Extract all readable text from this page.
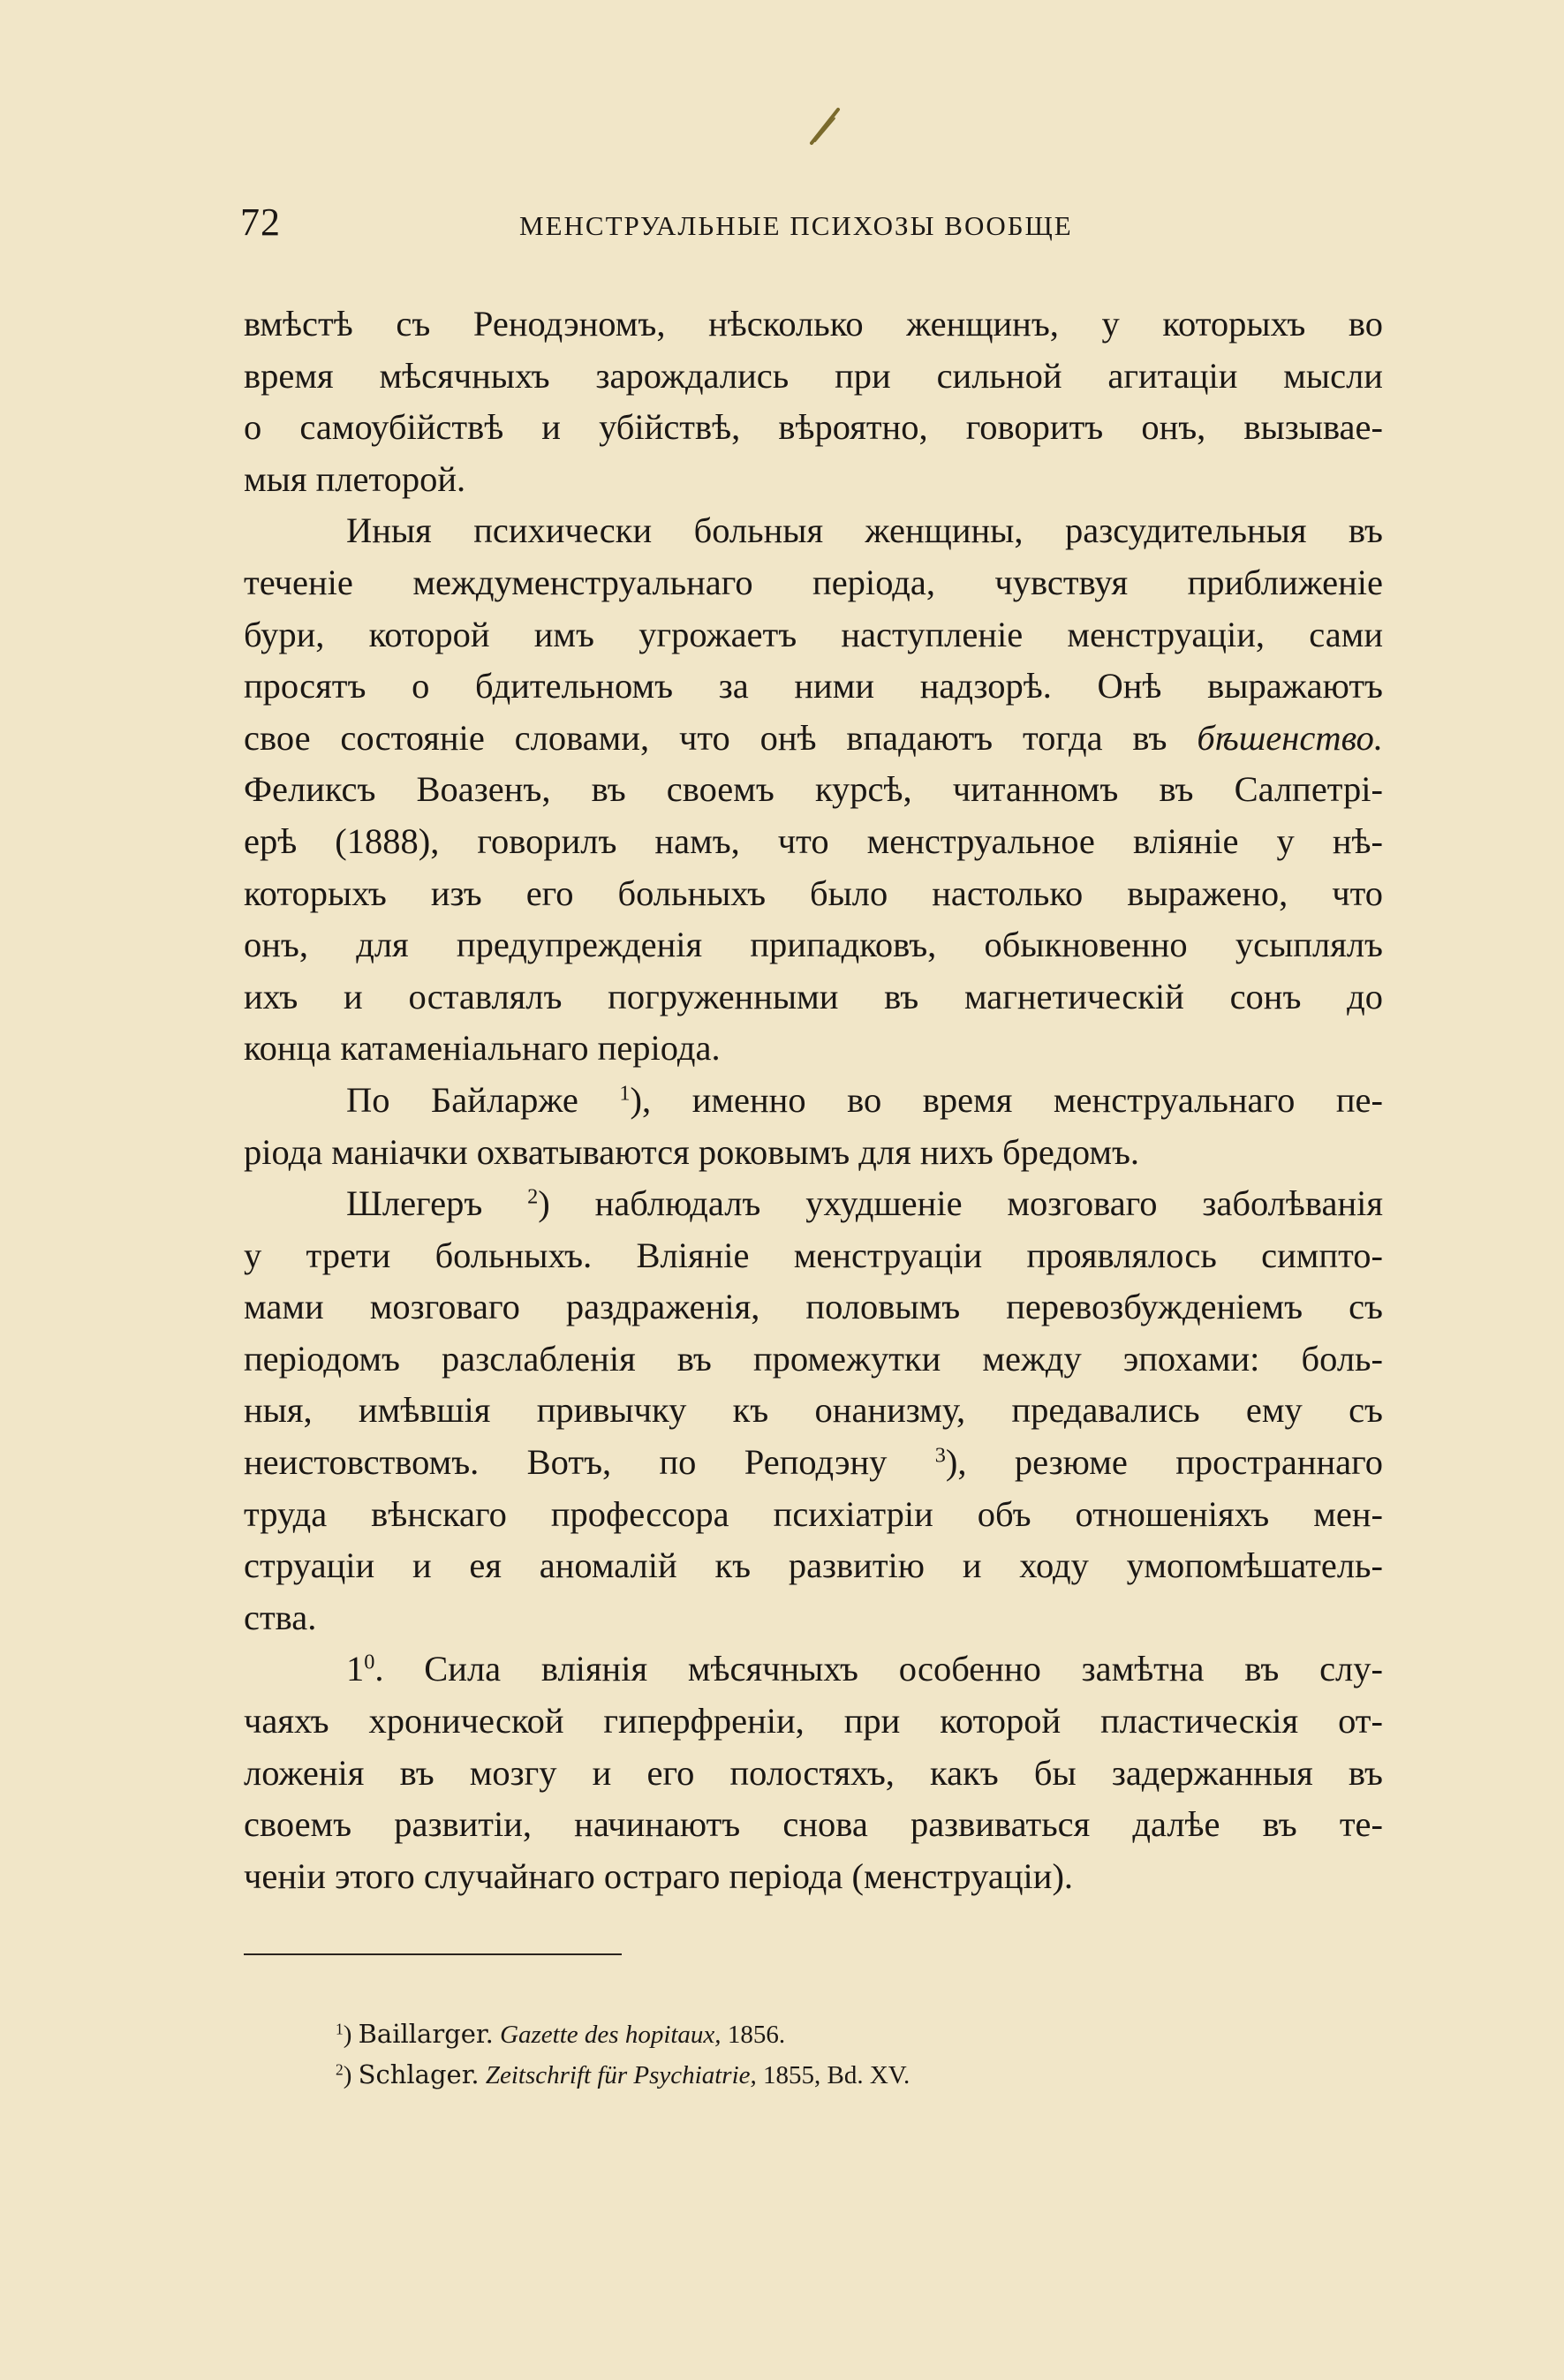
72	МЕНСТРУАЛЬНЫЕ ПСИХОЗЫ ВООБЩЕ

вмѣстѣ съ Ренодэномъ, нѣсколько женщинъ, у которыхъ во
время мѣсячныхъ зарождались при сильной агитаціи мысли
о самоубійствѣ и убійствѣ, вѣроятно, говоритъ онъ, вызывае-

мыя плеторой.

Иныя психически больныя женщины, разсудительныя въ
теченіе междуменструальнаго періода, чувствуя приближеніе
бури, которой имъ угрожаетъ наступленіе менструаціи, сами
просятъ о бдительномъ за ними надзорѣ. Онѣ выражаютъ
свое состояніе словами, что онѣ впадаютъ тогда въ бѣшенство.
Феликсъ Воазенъ, въ своемъ курсѣ, читанномъ въ Салпетрі-
ерѣ (1888), говорилъ намъ, что менструальное вліяніе у нѣ-
которыхъ изъ его больныхъ было настолько выражено, что
онъ, для предупрежденія припадковъ, обыкновенно усыплялъ
ихъ и оставлялъ погруженными въ магнетическій сонъ до

конца катаменіальнаго періода.

По Байларже $^1$), именно во время менструальнаго пе-

ріода маніачки охватываются роковымъ для нихъ бредомъ.

Шлегеръ $^2$) наблюдалъ ухудшеніе мозговаго заболѣванія
у трети больныхъ. Вліяніе менструаціи проявлялось симпто-
мами мозговаго раздраженія, половымъ перевозбужденіемъ съ
періодомъ разслабленія въ промежутки между эпохами: боль-
ныя, имѣвшія привычку къ онанизму, предавались ему съ
неистовствомъ. Вотъ, по Реподэну $^3$), резюме пространнаго
труда вѣнскаго профессора психіатріи объ отношеніяхъ мен-
струаціи и ея аномалій къ развитію и ходу умопомѣшатель-

ства.

$1^0$. Сила вліянія мѣсячныхъ особенно замѣтна въ слу-
чаяхъ хронической гиперфреніи, при которой пластическія от-
ложенія въ мозгу и его полостяхъ, какъ бы задержанныя въ
своемъ развитіи, начинаютъ снова развиваться далѣе въ те-

ченіи этого случайнаго остраго періода (менструаціи).

$^1$) Baillarger. Gazette des hopitaux, 1856.
$^2$) Schlager. Zeitschrift für Psychiatrie, 1855, Bd. XV.
